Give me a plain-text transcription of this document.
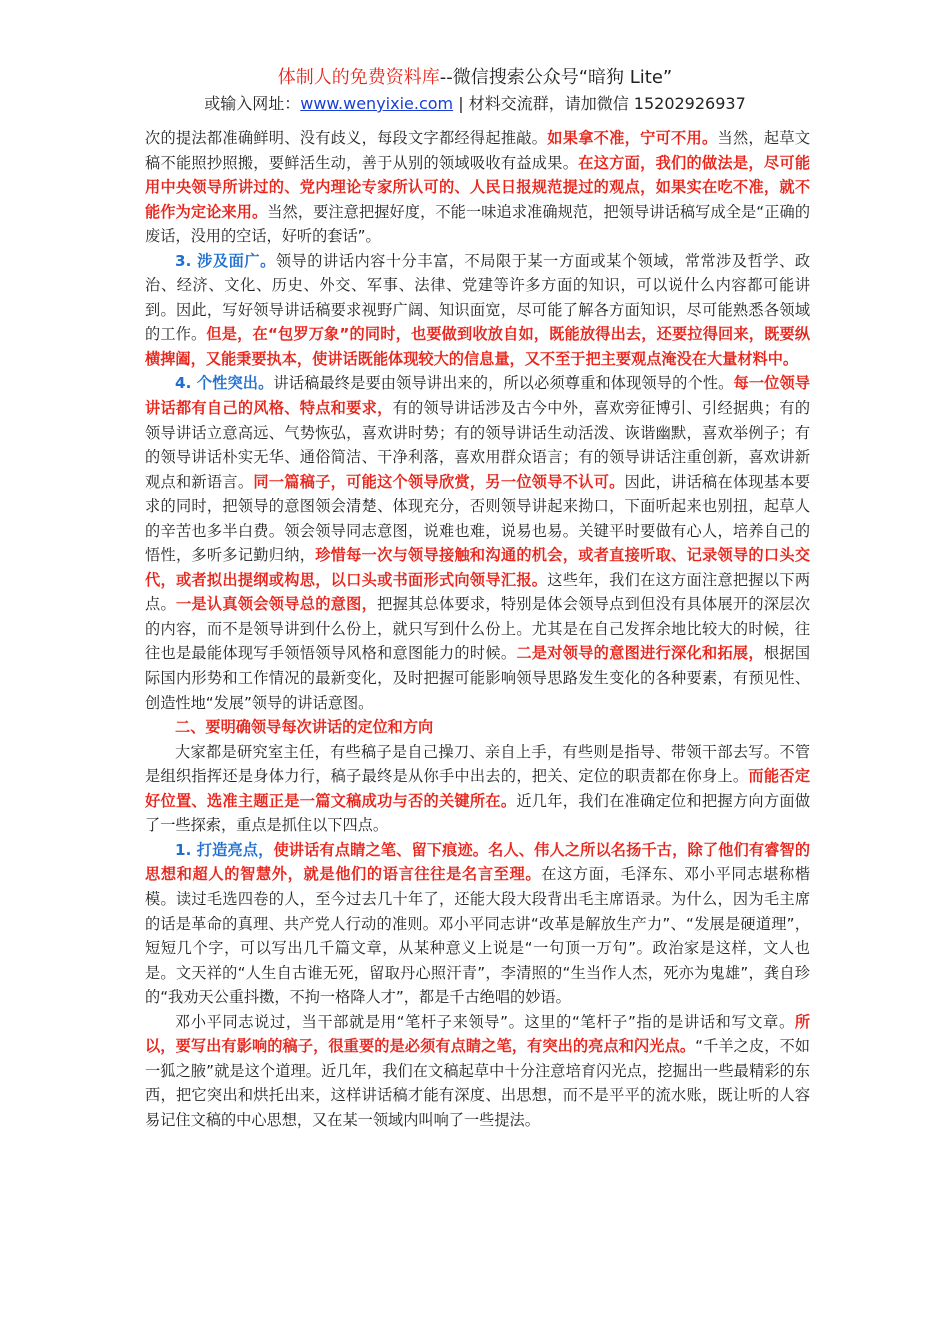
体制人的免费资料库--微信搜索公众号“暗狗 Lite”
或输入网址：www.wenyixie.com | 材料交流群，请加微信 15202926937

次的提法都准确鲜明、没有歧义，每段文字都经得起推敲。如果拿不准，宁可不用。当然，起草文稿不能照抄照搬，要鲜活生动，善于从别的领域吸收有益成果。在这方面，我们的做法是，尽可能用中央领导所讲过的、党内理论专家所认可的、人民日报规范提过的观点，如果实在吃不准，就不能作为定论来用。当然，要注意把握好度，不能一味追求准确规范，把领导讲话稿写成全是“正确的废话，没用的空话，好听的套话”。

3. 涉及面广。领导的讲话内容十分丰富，不局限于某一方面或某个领域，常常涉及哲学、政治、经济、文化、历史、外交、军事、法律、党建等许多方面的知识，可以说什么内容都可能讲到。因此，写好领导讲话稿要求视野广阔、知识面宽，尽可能了解各方面知识，尽可能熟悉各领域的工作。但是，在“包罗万象”的同时，也要做到收放自如，既能放得出去，还要拉得回来，既要纵横捭阖，又能秉要执本，使讲话既能体现较大的信息量，又不至于把主要观点淹没在大量材料中。

4. 个性突出。讲话稿最终是要由领导讲出来的，所以必须尊重和体现领导的个性。每一位领导讲话都有自己的风格、特点和要求，有的领导讲话涉及古今中外，喜欢旁征博引、引经据典；有的领导讲话立意高远、气势恢弘，喜欢讲时势；有的领导讲话生动活泼、诙谐幽默，喜欢举例子；有的领导讲话朴实无华、通俗简洁、干净利落，喜欢用群众语言；有的领导讲话注重创新，喜欢讲新观点和新语言。同一篇稿子，可能这个领导欣赏，另一位领导不认可。因此，讲话稿在体现基本要求的同时，把领导的意图领会清楚、体现充分，否则领导讲起来拗口，下面听起来也别扭，起草人的辛苦也多半白费。领会领导同志意图，说难也难，说易也易。关键平时要做有心人，培养自己的悟性，多听多记勤归纳，珍惜每一次与领导接触和沟通的机会，或者直接听取、记录领导的口头交代，或者拟出提纲或构思，以口头或书面形式向领导汇报。这些年，我们在这方面注意把握以下两点。一是认真领会领导总的意图，把握其总体要求，特别是体会领导点到但没有具体展开的深层次的内容，而不是领导讲到什么份上，就只写到什么份上。尤其是在自己发挥余地比较大的时候，往往也是最能体现写手领悟领导风格和意图能力的时候。二是对领导的意图进行深化和拓展，根据国际国内形势和工作情况的最新变化，及时把握可能影响领导思路发生变化的各种要素，有预见性、创造性地“发展”领导的讲话意图。

二、要明确领导每次讲话的定位和方向

大家都是研究室主任，有些稿子是自己操刀、亲自上手，有些则是指导、带领干部去写。不管是组织指挥还是身体力行，稿子最终是从你手中出去的，把关、定位的职责都在你身上。而能否定好位置、选准主题正是一篇文稿成功与否的关键所在。近几年，我们在准确定位和把握方向方面做了一些探索，重点是抓住以下四点。

1. 打造亮点，使讲话有点睛之笔、留下痕迹。名人、伟人之所以名扬千古，除了他们有睿智的思想和超人的智慧外，就是他们的语言往往是名言至理。在这方面，毛泽东、邓小平同志堪称楷模。读过毛选四卷的人，至今过去几十年了，还能大段大段背出毛主席语录。为什么，因为毛主席的话是革命的真理、共产党人行动的准则。邓小平同志讲“改革是解放生产力”、“发展是硬道理”，短短几个字，可以写出几千篇文章，从某种意义上说是“一句顶一万句”。政治家是这样，文人也是。文天祥的“人生自古谁无死，留取丹心照汗青”，李清照的“生当作人杰，死亦为鬼雄”，龚自珍的“我劝天公重抖擞，不拘一格降人才”，都是千古绝唱的妙语。

邓小平同志说过，当干部就是用“笔杆子来领导”。这里的“笔杆子”指的是讲话和写文章。所以，要写出有影响的稿子，很重要的是必须有点睛之笔，有突出的亮点和闪光点。“千羊之皮，不如一狐之腋”就是这个道理。近几年，我们在文稿起草中十分注意培育闪光点，挖掘出一些最精彩的东西，把它突出和烘托出来，这样讲话稿才能有深度、出思想，而不是平平的流水账，既让听的人容易记住文稿的中心思想，又在某一领域内叫响了一些提法。
